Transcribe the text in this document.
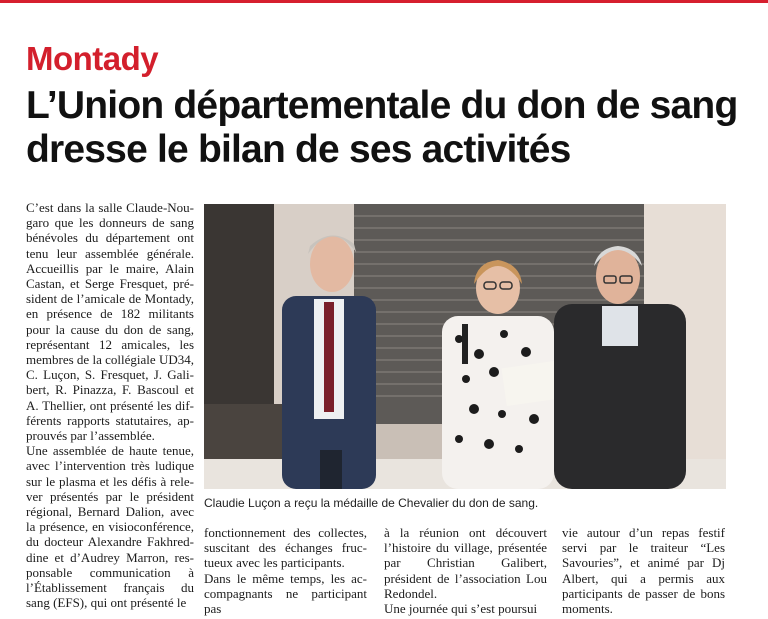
Montady
L’Union départementale du don de sang dresse le bilan de ses activités

C’est dans la salle Claude-Nougaro que les donneurs de sang bénévoles du département ont tenu leur assemblée générale. Accueillis par le maire, Alain Castan, et Serge Fresquet, président de l’amicale de Montady, en présence de 182 militants pour la cause du don de sang, représentant 12 amicales, les membres de la collégiale UD34, C. Luçon, S. Fresquet, J. Galibert, R. Pinazza, F. Bascoul et A. Thellier, ont présenté les différents rapports statutaires, approuvés par l’assemblée.

Une assemblée de haute tenue, avec l’intervention très ludique sur le plasma et les défis à relever présentés par le président régional, Bernard Dalion, avec la présence, en visioconférence, du docteur Alexandre Fakhreddine et d’Audrey Marron, responsable communication à l’Établissement français du sang (EFS), qui ont présenté le

Claudie Luçon a reçu la médaille de Chevalier du don de sang.

fonctionnement des collectes, suscitant des échanges fructueux avec les participants.

Dans le même temps, les accompagnants ne participant pas

à la réunion ont découvert l’histoire du village, présentée par Christian Galibert, président de l’association Lou Redondel.

Une journée qui s’est poursui

vie autour d’un repas festif servi par le traiteur “Les Savouries”, et animé par Dj Albert, qui a permis aux participants de passer de bons moments.
